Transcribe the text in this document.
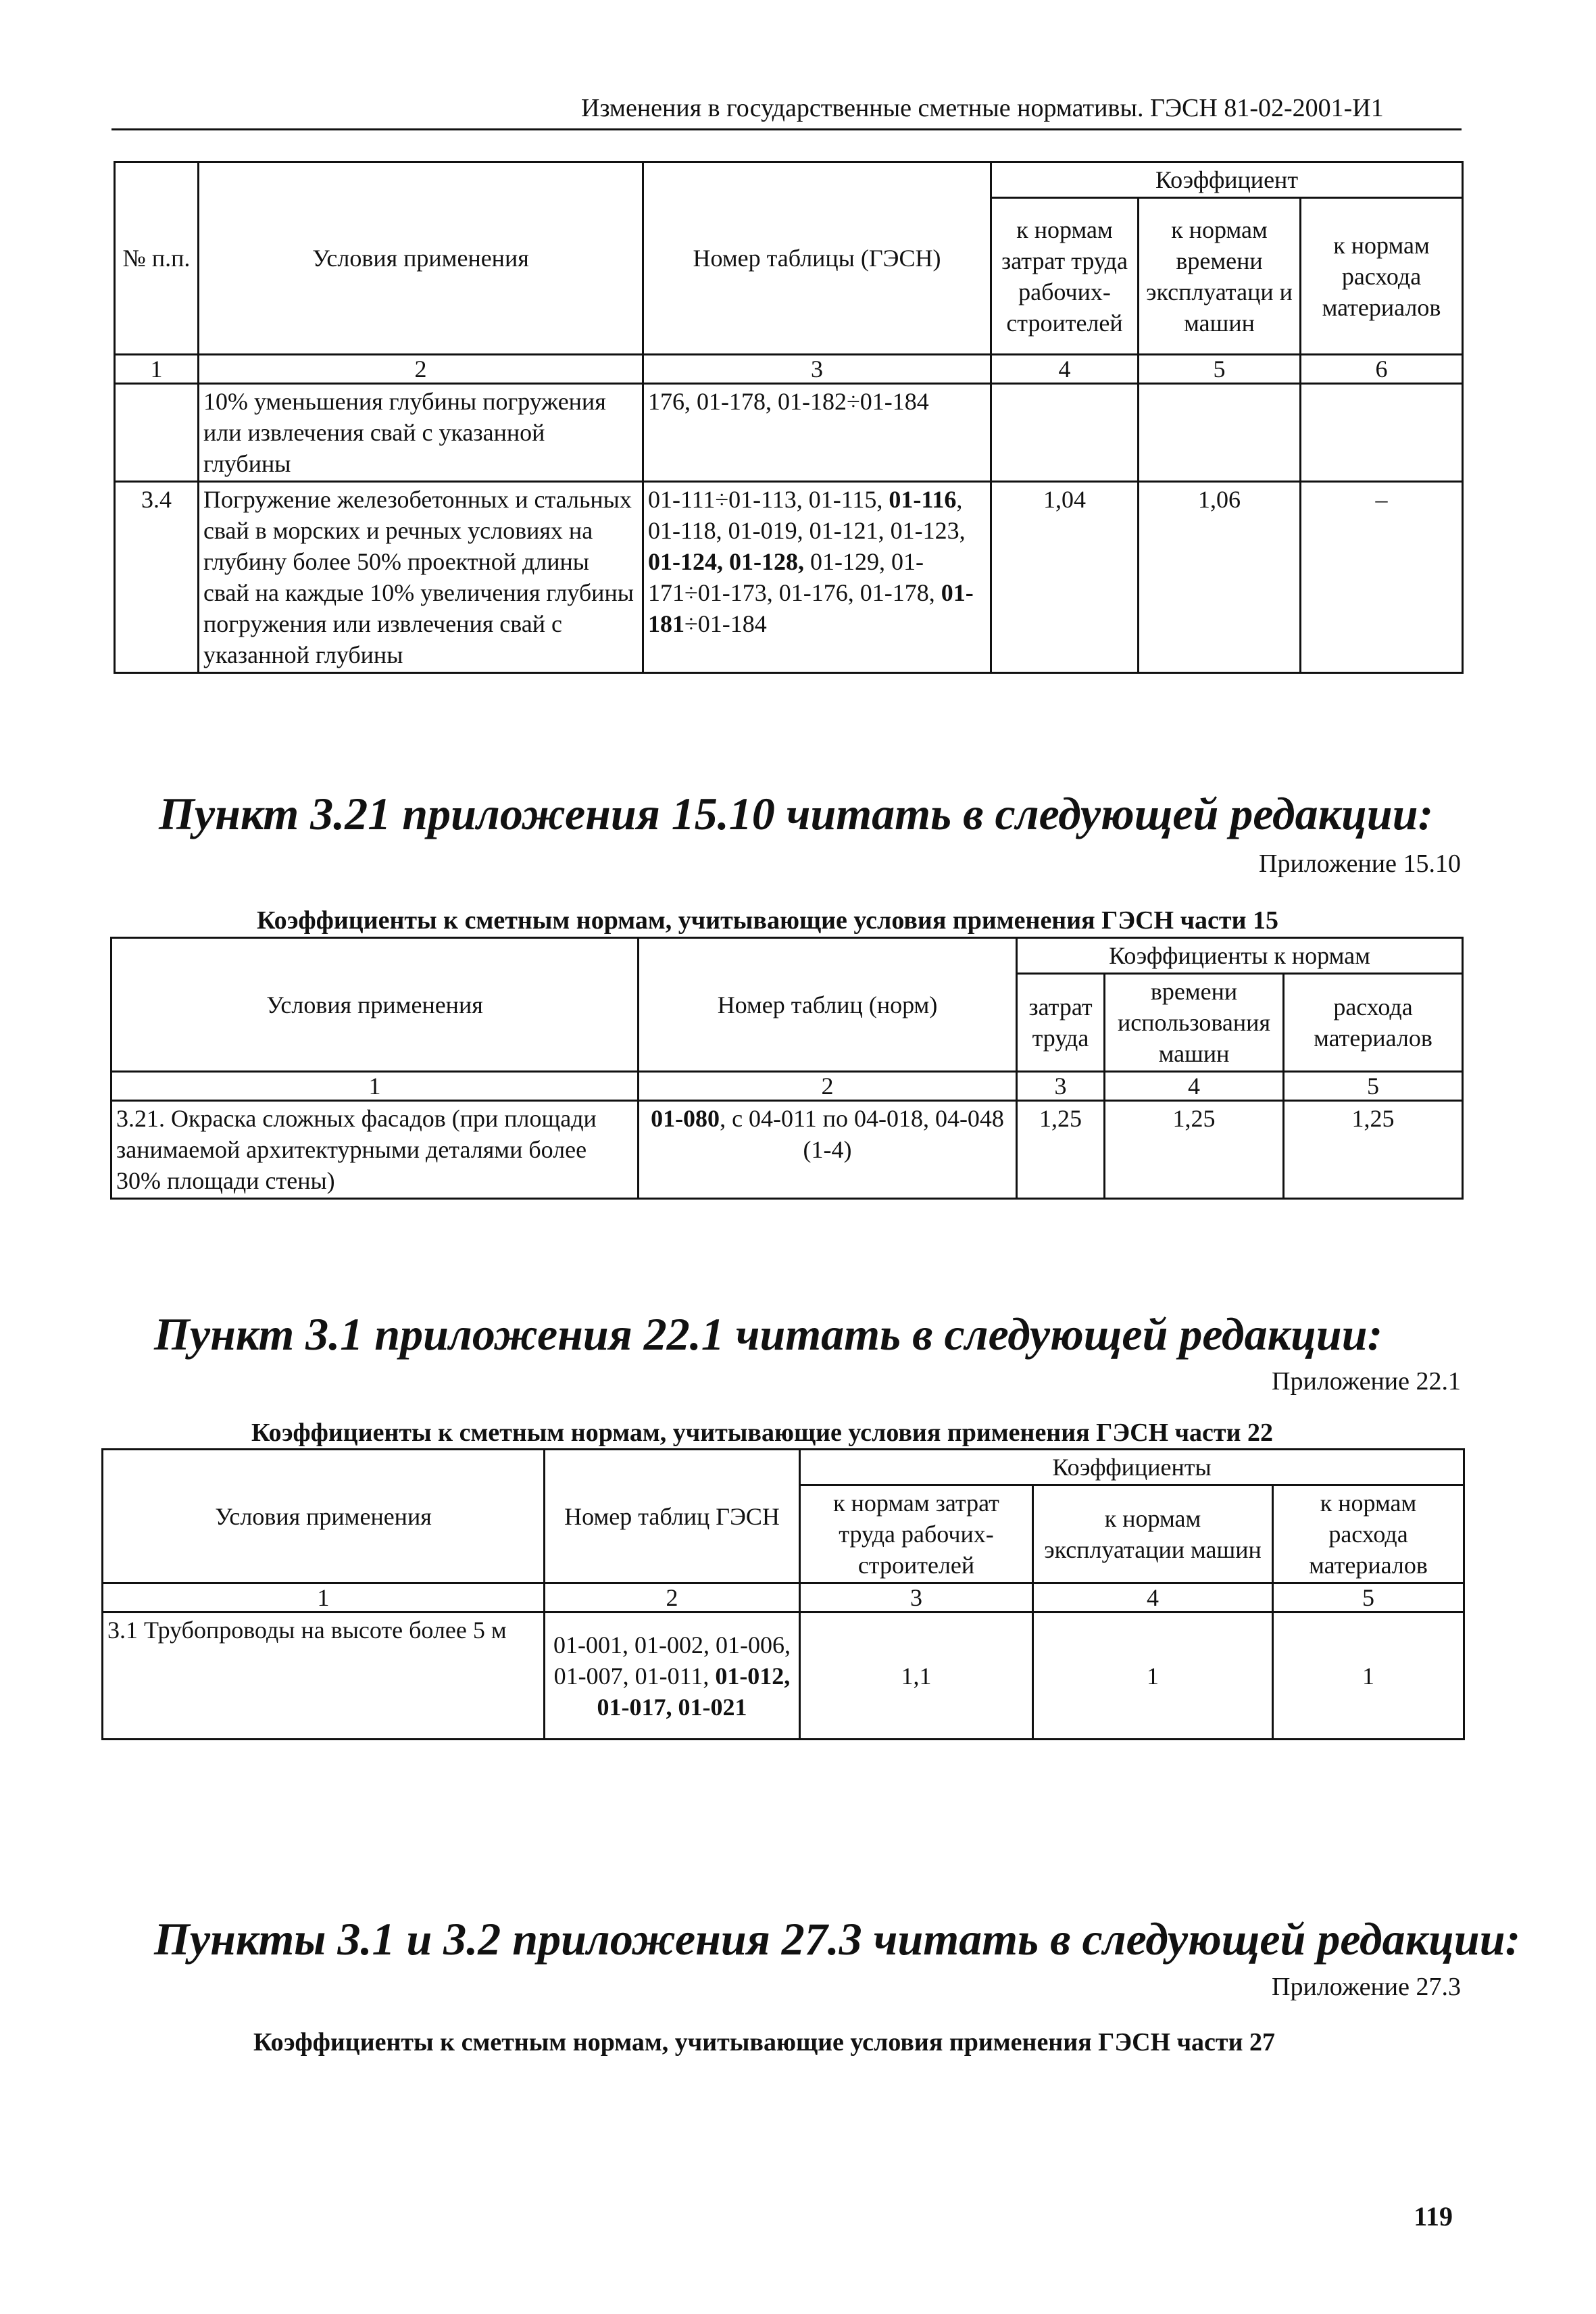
Изменения в государственные сметные нормативы. ГЭСН 81-02-2001-И1
№ п.п.	Условия применения	Номер таблицы (ГЭСН)	Коэффициент		
			к нормам затрат труда рабочих-строителей	к нормам времени эксплуатаци и машин	к нормам расхода материалов
1	2	3	4	5	6
	10% уменьшения глубины погружения или извлечения свай с указанной глубины	176, 01-178, 01-182÷01-184			
3.4	Погружение железобетонных и стальных свай в морских и речных условиях на глубину более 50% проектной длины свай на каждые 10% увеличения глубины погружения или извлечения свай с указанной глубины	01-111÷01-113, 01-115, 01-116, 01-118, 01-019, 01-121, 01-123, 01-124, 01-128, 01-129, 01-171÷01-173, 01-176, 01-178, 01-181÷01-184	1,04	1,06	–
Пункт 3.21 приложения 15.10 читать в следующей редакции:
Приложение 15.10
Коэффициенты к сметным нормам, учитывающие условия применения ГЭСН части 15
Условия применения	Номер таблиц (норм)	Коэффициенты к нормам		
		затрат труда	времени использования машин	расхода материалов
1	2	3	4	5
3.21. Окраска сложных фасадов (при площади занимаемой архитектурными деталями более 30% площади стены)	01-080, с 04-011 по 04-018, 04-048 (1-4)	1,25	1,25	1,25
Пункт 3.1 приложения 22.1 читать в следующей редакции:
Приложение 22.1
Коэффициенты к сметным нормам, учитывающие условия применения ГЭСН части 22
Условия применения	Номер таблиц ГЭСН	Коэффициенты		
		к нормам затрат труда рабочих-строителей	к нормам эксплуатации машин	к нормам расхода материалов
1	2	3	4	5
3.1 Трубопроводы на высоте более 5 м	01-001, 01-002, 01-006, 01-007, 01-011, 01-012, 01-017, 01-021	1,1	1	1
Пункты 3.1 и 3.2 приложения 27.3 читать в следующей редакции:
Приложение 27.3
Коэффициенты к сметным нормам, учитывающие условия применения ГЭСН части 27
119
